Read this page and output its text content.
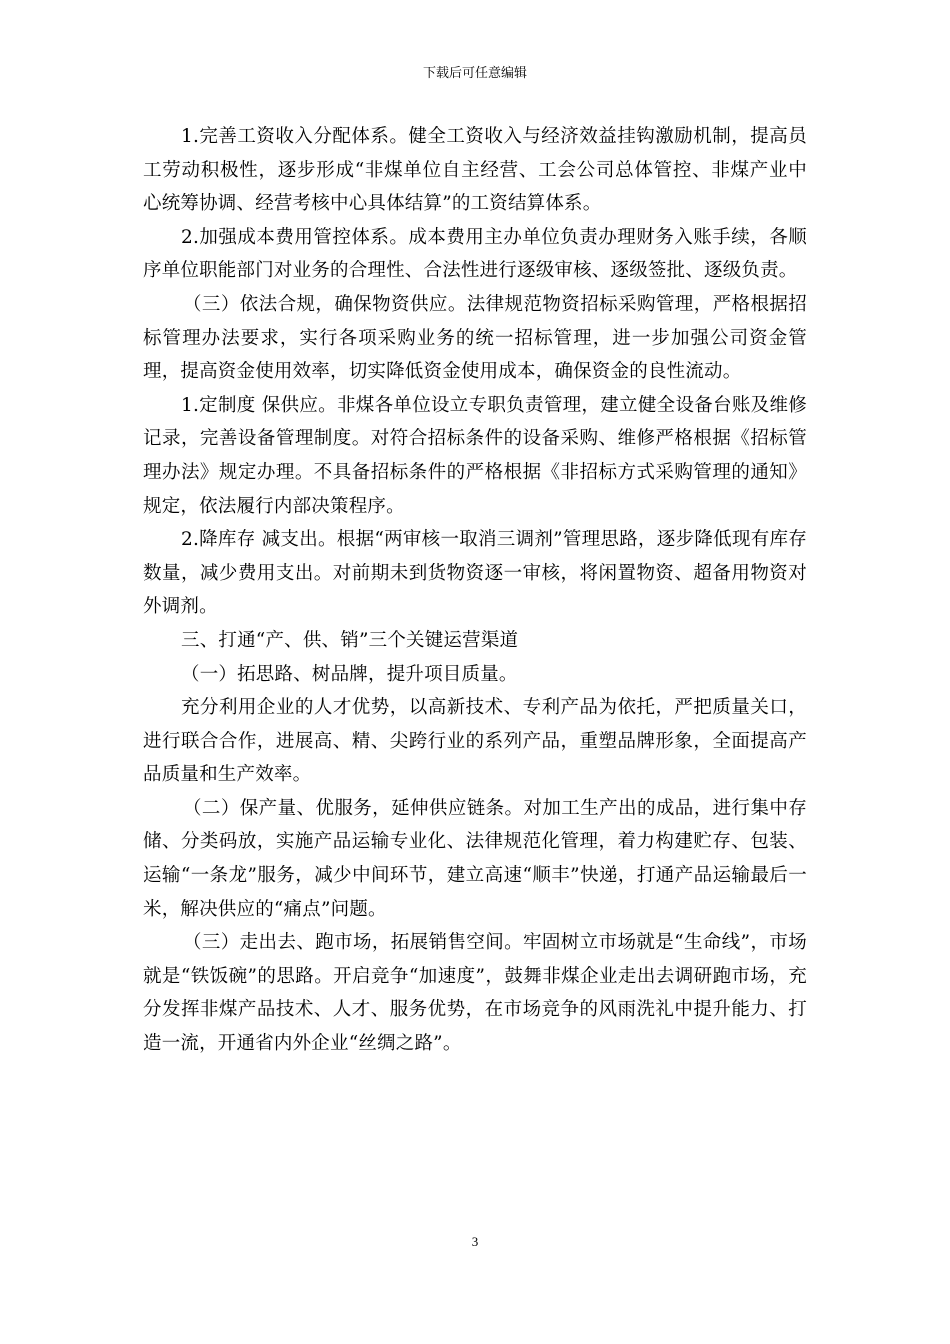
下载后可任意编辑

1.完善工资收入分配体系。健全工资收入与经济效益挂钩激励机制，提高员工劳动积极性，逐步形成“非煤单位自主经营、工会公司总体管控、非煤产业中心统筹协调、经营考核中心具体结算”的工资结算体系。

2.加强成本费用管控体系。成本费用主办单位负责办理财务入账手续，各顺序单位职能部门对业务的合理性、合法性进行逐级审核、逐级签批、逐级负责。

（三）依法合规，确保物资供应。法律规范物资招标采购管理，严格根据招标管理办法要求，实行各项采购业务的统一招标管理，进一步加强公司资金管理，提高资金使用效率，切实降低资金使用成本，确保资金的良性流动。

1.定制度 保供应。非煤各单位设立专职负责管理，建立健全设备台账及维修记录，完善设备管理制度。对符合招标条件的设备采购、维修严格根据《招标管理办法》规定办理。不具备招标条件的严格根据《非招标方式采购管理的通知》规定，依法履行内部决策程序。

2.降库存 减支出。根据“两审核一取消三调剂”管理思路，逐步降低现有库存数量，减少费用支出。对前期未到货物资逐一审核，将闲置物资、超备用物资对外调剂。

三、打通“产、供、销”三个关键运营渠道

（一）拓思路、树品牌，提升项目质量。

充分利用企业的人才优势，以高新技术、专利产品为依托，严把质量关口，进行联合合作，进展高、精、尖跨行业的系列产品，重塑品牌形象，全面提高产品质量和生产效率。

（二）保产量、优服务，延伸供应链条。对加工生产出的成品，进行集中存储、分类码放，实施产品运输专业化、法律规范化管理，着力构建贮存、包装、运输“一条龙”服务，减少中间环节，建立高速“顺丰”快递，打通产品运输最后一米，解决供应的“痛点”问题。

（三）走出去、跑市场，拓展销售空间。牢固树立市场就是“生命线”，市场就是“铁饭碗”的思路。开启竞争“加速度”，鼓舞非煤企业走出去调研跑市场，充分发挥非煤产品技术、人才、服务优势，在市场竞争的风雨洗礼中提升能力、打造一流，开通省内外企业“丝绸之路”。

3
